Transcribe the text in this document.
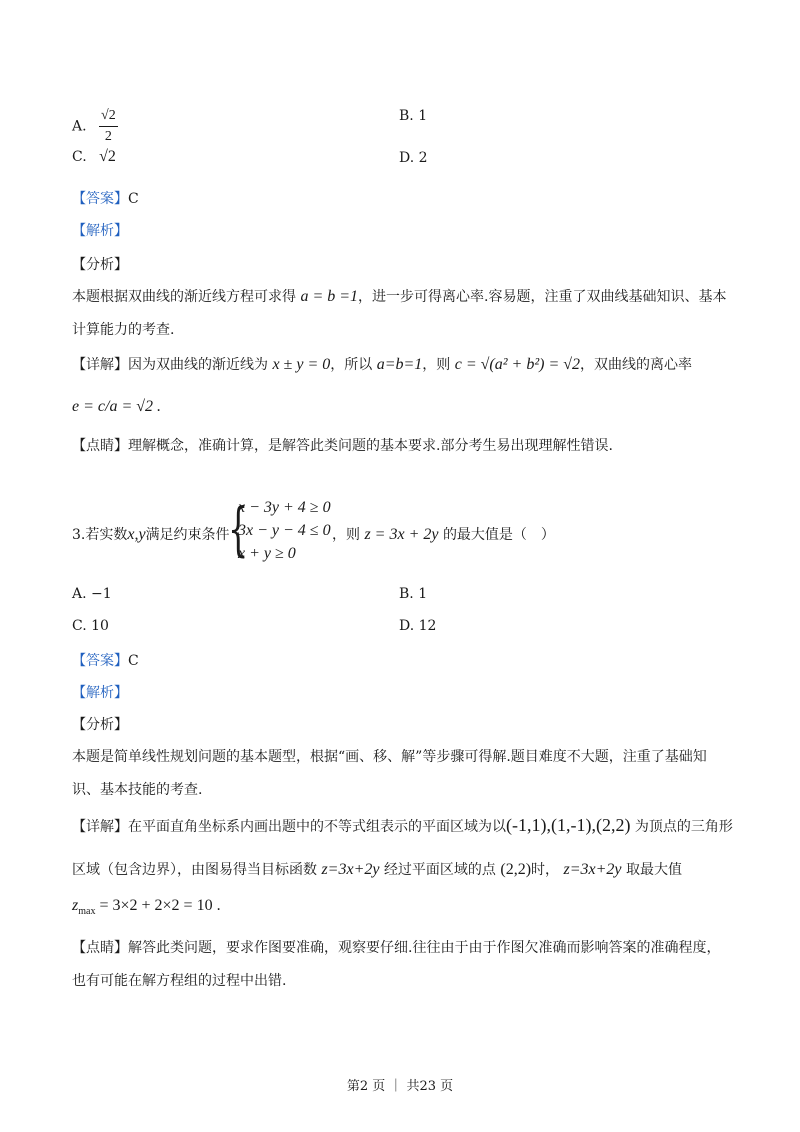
A. $\frac{√2}{2}$	B. 1
C. √2	D. 2
【答案】C
【解析】
【分析】
本题根据双曲线的渐近线方程可求得 a = b =1，进一步可得离心率.容易题，注重了双曲线基础知识、基本
计算能力的考查.
【详解】因为双曲线的渐近线为 x ± y = 0，所以 a=b=1，则 c = √(a² + b²) = √2，双曲线的离心率
e = c/a = √2 .
【点睛】理解概念，准确计算，是解答此类问题的基本要求.部分考生易出现理解性错误.
3.若实数x,y满足约束条件
{
x − 3y + 4 ≥ 0
3x − y − 4 ≤ 0
x + y ≥ 0
，则 z = 3x + 2y 的最大值是（　）
A. −1	B. 1
C. 10	D. 12
【答案】C
【解析】
【分析】
本题是简单线性规划问题的基本题型，根据“画、移、解”等步骤可得解.题目难度不大题，注重了基础知
识、基本技能的考查.
【详解】在平面直角坐标系内画出题中的不等式组表示的平面区域为以(-1,1),(1,-1),(2,2) 为顶点的三角形
区域（包含边界），由图易得当目标函数 z=3x+2y 经过平面区域的点 (2,2)时， z=3x+2y 取最大值
$z_{max} = 3\times 2 + 2\times 2 = 10$ .
【点睛】解答此类问题，要求作图要准确，观察要仔细.往往由于由于作图欠准确而影响答案的准确程度，
也有可能在解方程组的过程中出错.
第2 页 ｜ 共23 页
